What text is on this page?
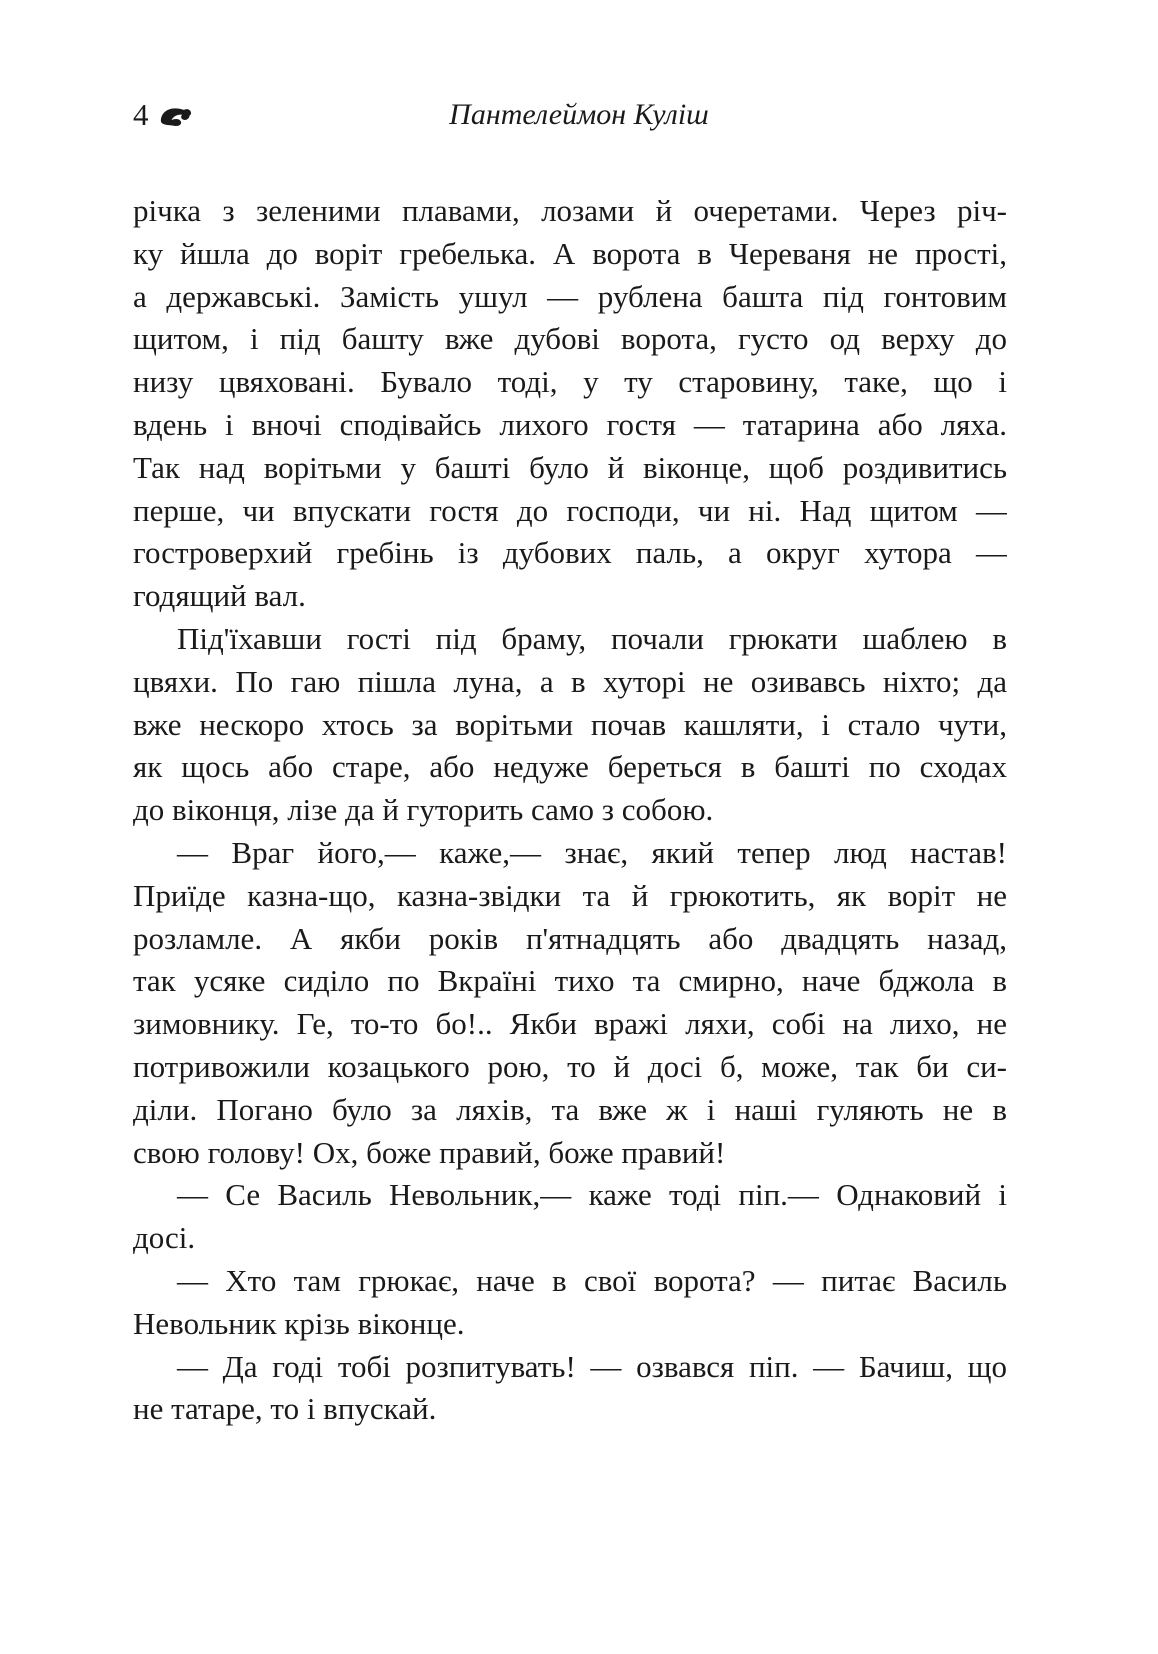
4	Пантелеймон Куліш
річка з зеленими плавами, лозами й очеретами. Через річ-
ку йшла до воріт гребелька. А ворота в Череваня не прості,
а державські. Замість ушул — рублена башта під гонтовим
щитом, і під башту вже дубові ворота, густо од верху до
низу цвяховані. Бувало тоді, у ту старовину, таке, що і
вдень і вночі сподівайсь лихого гостя — татарина або ляха.
Так над ворітьми у башті було й віконце, щоб роздивитись
перше, чи впускати гостя до господи, чи ні. Над щитом —
гостроверхий гребінь із дубових паль, а округ хутора —
годящий вал.
Під'їхавши гості під браму, почали грюкати шаблею в
цвяхи. По гаю пішла луна, а в хуторі не озивавсь ніхто; да
вже нескоро хтось за ворітьми почав кашляти, і стало чути,
як щось або старе, або недуже береться в башті по сходах
до віконця, лізе да й гуторить само з собою.
— Враг його,— каже,— знає, який тепер люд настав!
Приїде казна-що, казна-звідки та й грюкотить, як воріт не
розламле. А якби років п'ятнадцять або двадцять назад,
так усяке сиділо по Вкраїні тихо та смирно, наче бджола в
зимовнику. Ге, то-то бо!.. Якби вражі ляхи, собі на лихо, не
потривожили козацького рою, то й досі б, може, так би си-
діли. Погано було за ляхів, та вже ж і наші гуляють не в
свою голову! Ох, боже правий, боже правий!
— Се Василь Невольник,— каже тоді піп.— Однаковий і
досі.
— Хто там грюкає, наче в свої ворота? — питає Василь
Невольник крізь віконце.
— Да годі тобі розпитувать! — озвався піп. — Бачиш, що
не татаре, то і впускай.
